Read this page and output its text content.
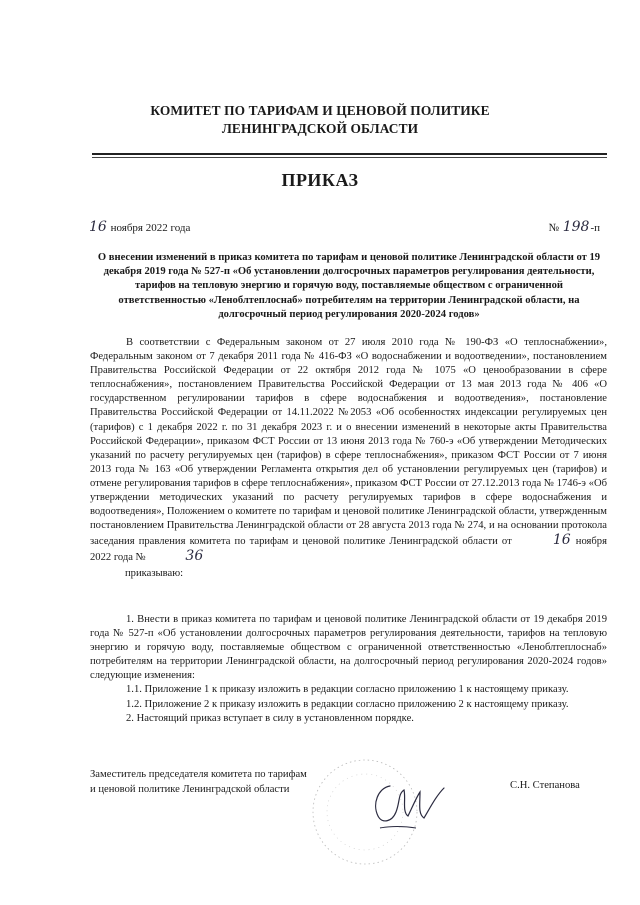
КОМИТЕТ ПО ТАРИФАМ И ЦЕНОВОЙ ПОЛИТИКЕ
ЛЕНИНГРАДСКОЙ ОБЛАСТИ
ПРИКАЗ
16 ноября 2022 года	№ 198-п
О внесении изменений в приказ комитета по тарифам и ценовой политике Ленинградской области от 19 декабря 2019 года № 527-п «Об установлении долгосрочных параметров регулирования деятельности, тарифов на тепловую энергию и горячую воду, поставляемые обществом с ограниченной ответственностью «Леноблтеплоснаб» потребителям на территории Ленинградской области, на долгосрочный период регулирования 2020-2024 годов»

В соответствии с Федеральным законом от 27 июля 2010 года № 190-ФЗ «О теплоснабжении», Федеральным законом от 7 декабря 2011 года № 416-ФЗ «О водоснабжении и водоотведении», постановлением Правительства Российской Федерации от 22 октября 2012 года № 1075 «О ценообразовании в сфере теплоснабжения», постановлением Правительства Российской Федерации от 13 мая 2013 года № 406 «О государственном регулировании тарифов в сфере водоснабжения и водоотведения», постановление Правительства Российской Федерации от 14.11.2022 №2053 «Об особенностях индексации регулируемых цен (тарифов) с 1 декабря 2022 г. по 31 декабря 2023 г. и о внесении изменений в некоторые акты Правительства Российской Федерации», приказом ФСТ России от 13 июня 2013 года № 760-э «Об утверждении Методических указаний по расчету регулируемых цен (тарифов) в сфере теплоснабжения», приказом ФСТ России от 7 июня 2013 года № 163 «Об утверждении Регламента открытия дел об установлении регулируемых цен (тарифов) и отмене регулирования тарифов в сфере теплоснабжения», приказом ФСТ России от 27.12.2013 года № 1746-э «Об утверждении методических указаний по расчету регулируемых тарифов в сфере водоснабжения и водоотведения», Положением о комитете по тарифам и ценовой политике Ленинградской области, утвержденным постановлением Правительства Ленинградской области от 28 августа 2013 года № 274, и на основании протокола заседания правления комитета по тарифам и ценовой политике Ленинградской области от	16 ноября 2022 года №	36

приказываю:

1. Внести в приказ комитета по тарифам и ценовой политике Ленинградской области от 19 декабря 2019 года № 527-п «Об установлении долгосрочных параметров регулирования деятельности, тарифов на тепловую энергию и горячую воду, поставляемые обществом с ограниченной ответственностью «Леноблтеплоснаб» потребителям на территории Ленинградской области, на долгосрочный период регулирования 2020-2024 годов» следующие изменения:

1.1. Приложение 1 к приказу изложить в редакции согласно приложению 1 к настоящему приказу.

1.2. Приложение 2 к приказу изложить в редакции согласно приложению 2 к настоящему приказу.

2. Настоящий приказ вступает в силу в установленном порядке.

Заместитель председателя комитета по тарифам
и ценовой политике Ленинградской области	С.Н. Степанова
